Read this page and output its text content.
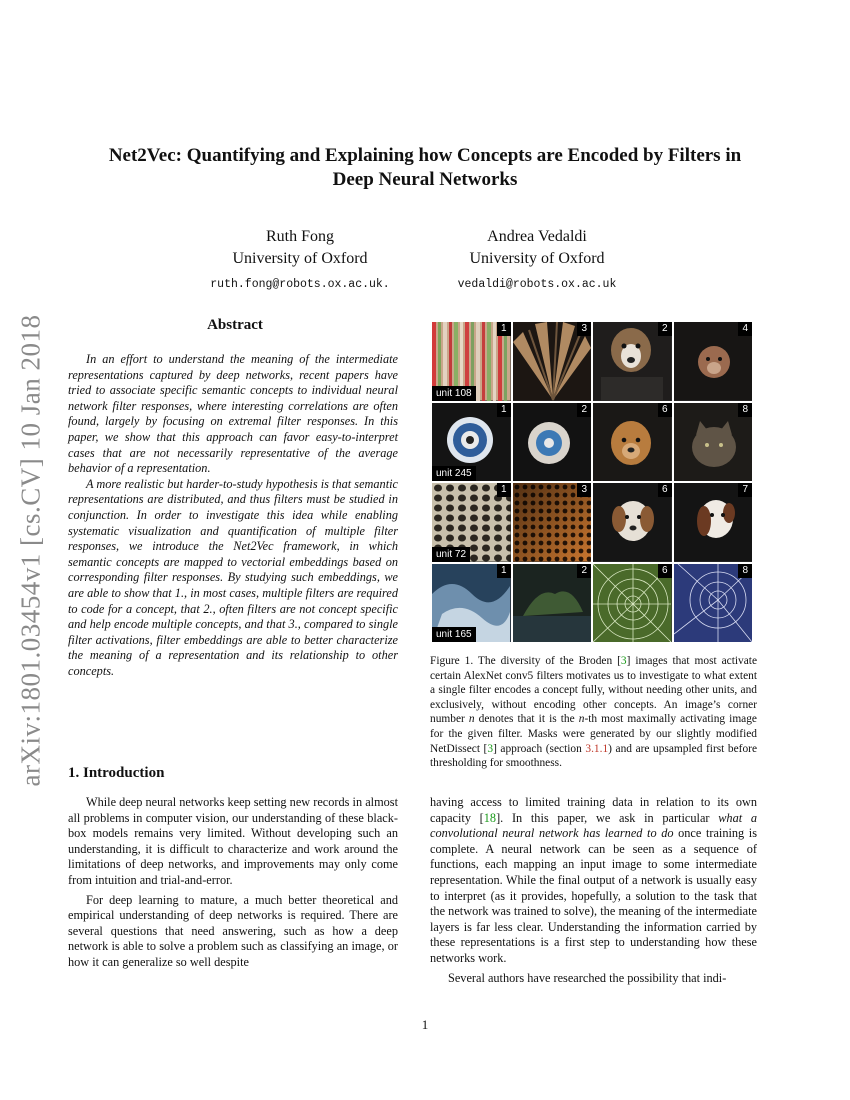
arXiv:1801.03454v1 [cs.CV] 10 Jan 2018
Net2Vec: Quantifying and Explaining how Concepts are Encoded by Filters in
Deep Neural Networks
Ruth Fong
University of Oxford
ruth.fong@robots.ox.ac.uk.
Andrea Vedaldi
University of Oxford
vedaldi@robots.ox.ac.uk
Abstract

In an effort to understand the meaning of the intermediate representations captured by deep networks, recent papers have tried to associate specific semantic concepts to individual neural network filter responses, where interesting correlations are often found, largely by focusing on extremal filter responses. In this paper, we show that this approach can favor easy-to-interpret cases that are not necessarily representative of the average behavior of a representation.

A more realistic but harder-to-study hypothesis is that semantic representations are distributed, and thus filters must be studied in conjunction. In order to investigate this idea while enabling systematic visualization and quantification of multiple filter responses, we introduce the Net2Vec framework, in which semantic concepts are mapped to vectorial embeddings based on corresponding filter responses. By studying such embeddings, we are able to show that 1., in most cases, multiple filters are required to code for a concept, that 2., often filters are not concept specific and help encode multiple concepts, and that 3., compared to single filter activations, filter embeddings are able to better characterize the meaning of a representation and its relationship to other concepts.

1. Introduction

While deep neural networks keep setting new records in almost all problems in computer vision, our understanding of these black-box models remains very limited. Without developing such an understanding, it is difficult to characterize and work around the limitations of deep networks, and improvements may only come from intuition and trial-and-error.

For deep learning to mature, a much better theoretical and empirical understanding of deep networks is required. There are several questions that need answering, such as how a deep network is able to solve a problem such as classifying an image, or how it can generalize so well despite

having access to limited training data in relation to its own capacity [18]. In this paper, we ask in particular what a convolutional neural network has learned to do once training is complete. A neural network can be seen as a sequence of functions, each mapping an input image to some intermediate representation. While the final output of a network is usually easy to interpret (as it provides, hopefully, a solution to the task that the network was trained to solve), the meaning of the intermediate layers is far less clear. Understanding the information carried by these representations is a first step to understanding how these networks work.

Several authors have researched the possibility that indi-

1
unit 108
3	2	4
1
unit 245
2	6	8
1
unit 72
3	6	7
1
unit 165
2	6	8
Figure 1. The diversity of the Broden [3] images that most activate certain AlexNet conv5 filters motivates us to investigate to what extent a single filter encodes a concept fully, without needing other units, and exclusively, without encoding other concepts. An image’s corner number n denotes that it is the n-th most maximally activating image for the given filter. Masks were generated by our slightly modified NetDissect [3] approach (section 3.1.1) and are upsampled first before thresholding for smoothness.
1
